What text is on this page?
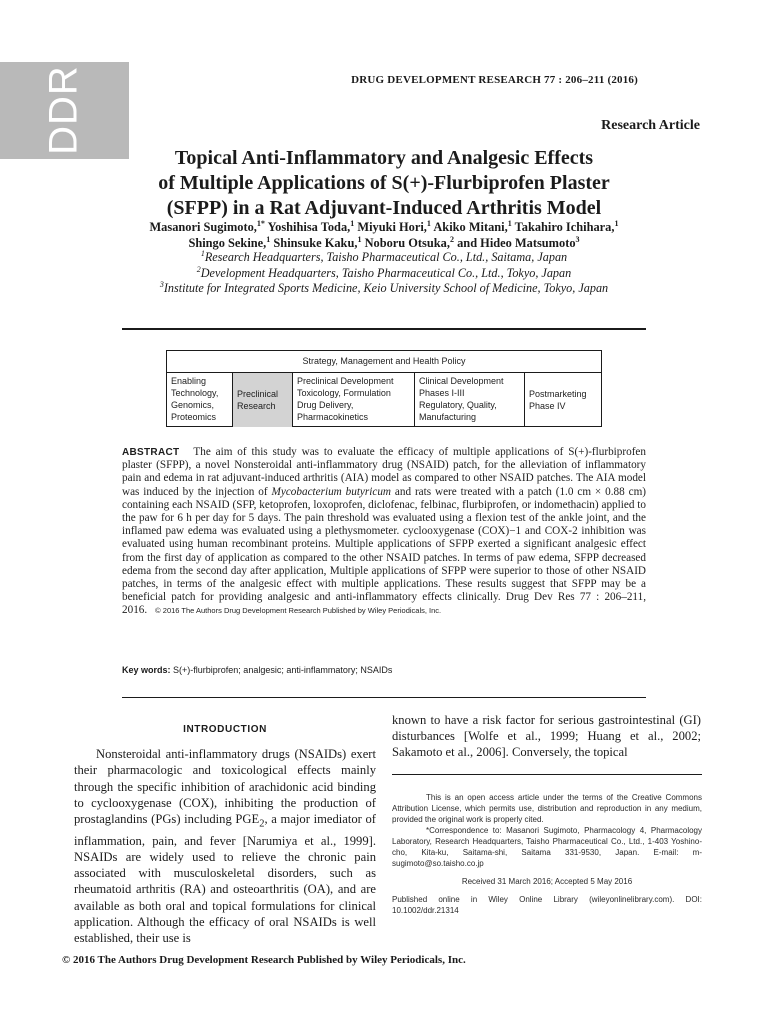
DDR	DRUG DEVELOPMENT RESEARCH 77 : 206–211 (2016)
Research Article
Topical Anti-Inflammatory and Analgesic Effects
of Multiple Applications of S(+)-Flurbiprofen Plaster
(SFPP) in a Rat Adjuvant-Induced Arthritis Model
Masanori Sugimoto,$^{1*}$ Yoshihisa Toda,$^1$ Miyuki Hori,$^1$ Akiko Mitani,$^1$ Takahiro Ichihara,$^1$
Shingo Sekine,$^1$ Shinsuke Kaku,$^1$ Noboru Otsuka,$^2$ and Hideo Matsumoto$^3$
$^1$Research Headquarters, Taisho Pharmaceutical Co., Ltd., Saitama, Japan
$^2$Development Headquarters, Taisho Pharmaceutical Co., Ltd., Tokyo, Japan
$^3$Institute for Integrated Sports Medicine, Keio University School of Medicine, Tokyo, Japan
Strategy, Management and Health Policy
Enabling
Technology,
Genomics,
Proteomics
Preclinical
Research
Preclinical Development
Toxicology, Formulation
Drug Delivery,
Pharmacokinetics
Clinical Development
Phases I-III
Regulatory, Quality,
Manufacturing
Postmarketing
Phase IV
ABSTRACT The aim of this study was to evaluate the efficacy of multiple applications of S(+)-flurbiprofen plaster (SFPP), a novel Nonsteroidal anti-inflammatory drug (NSAID) patch, for the alleviation of inflammatory pain and edema in rat adjuvant-induced arthritis (AIA) model as compared to other NSAID patches. The AIA model was induced by the injection of Mycobacterium butyricum and rats were treated with a patch (1.0 cm × 0.88 cm) containing each NSAID (SFP, ketoprofen, loxoprofen, diclofenac, felbinac, flurbiprofen, or indomethacin) applied to the paw for 6 h per day for 5 days. The pain threshold was evaluated using a flexion test of the ankle joint, and the inflamed paw edema was evaluated using a plethysmometer. cyclooxygenase (COX)−1 and COX-2 inhibition was evaluated using human recombinant proteins. Multiple applications of SFPP exerted a significant analgesic effect from the first day of application as compared to the other NSAID patches. In terms of paw edema, SFPP decreased edema from the second day after application, Multiple applications of SFPP were superior to those of other NSAID patches, in terms of the analgesic effect with multiple applications. These results suggest that SFPP may be a beneficial patch for providing analgesic and anti-inflammatory effects clinically. Drug Dev Res 77 : 206–211, 2016. © 2016 The Authors Drug Development Research Published by Wiley Periodicals, Inc.
Key words: S(+)-flurbiprofen; analgesic; anti-inflammatory; NSAIDs
INTRODUCTION

Nonsteroidal anti-inflammatory drugs (NSAIDs) exert their pharmacologic and toxicological effects mainly through the specific inhibition of arachidonic acid binding to cyclooxygenase (COX), inhibiting the production of prostaglandins (PGs) including $PGE_2$, a major imediator of inflammation, pain, and fever [Narumiya et al., 1999]. NSAIDs are widely used to relieve the chronic pain associated with musculoskeletal disorders, such as rheumatoid arthritis (RA) and osteoarthritis (OA), and are available as both oral and topical formulations for clinical application. Although the efficacy of oral NSAIDs is well established, their use is

known to have a risk factor for serious gastrointestinal (GI) disturbances [Wolfe et al., 1999; Huang et al., 2002; Sakamoto et al., 2006]. Conversely, the topical

This is an open access article under the terms of the Creative Commons Attribution License, which permits use, distribution and reproduction in any medium, provided the original work is properly cited.

*Correspondence to: Masanori Sugimoto, Pharmacology 4, Pharmacology Laboratory, Research Headquarters, Taisho Pharmaceutical Co., Ltd., 1-403 Yoshino-cho, Kita-ku, Saitama-shi, Saitama 331-9530, Japan. E-mail: m-sugimoto@so.taisho.co.jp

Received 31 March 2016; Accepted 5 May 2016

Published online in Wiley Online Library (wileyonlinelibrary.com). DOI: 10.1002/ddr.21314

© 2016 The Authors Drug Development Research Published by Wiley Periodicals, Inc.
